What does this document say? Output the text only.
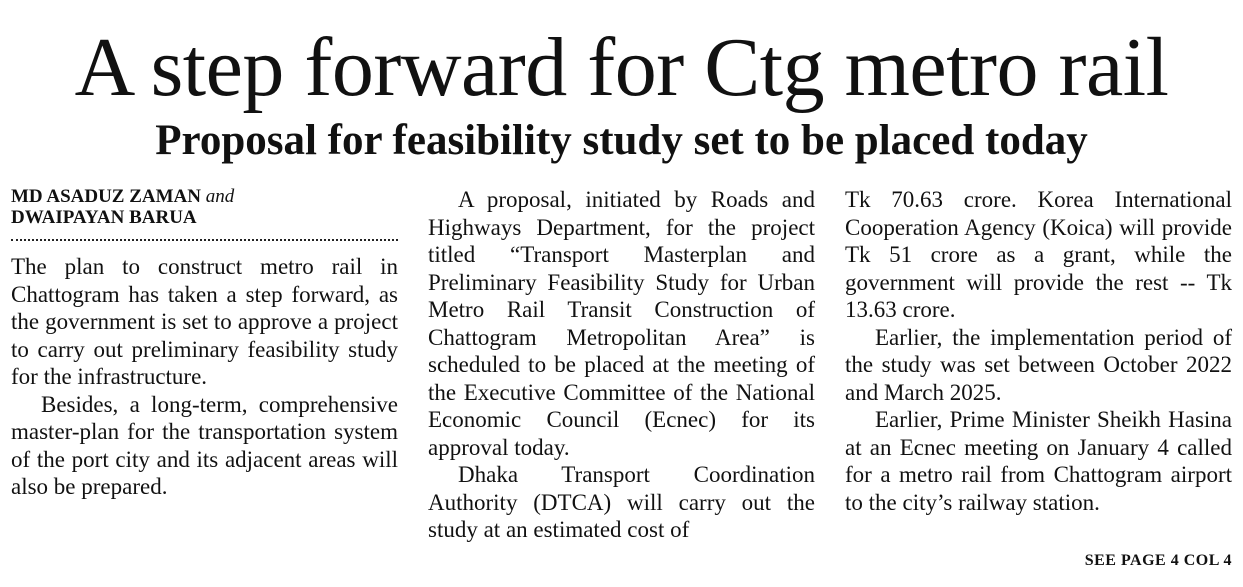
A step forward for Ctg metro rail
Proposal for feasibility study set to be placed today
MD ASADUZ ZAMAN and
DWAIPAYAN BARUA

The plan to construct metro rail in Chattogram has taken a step forward, as the government is set to approve a project to carry out preliminary feasibility study for the infrastructure.

Besides, a long-term, comprehensive master-plan for the transportation system of the port city and its adjacent areas will also be prepared.

A proposal, initiated by Roads and Highways Department, for the project titled “Transport Masterplan and Preliminary Feasibility Study for Urban Metro Rail Transit Construction of Chattogram Metropolitan Area” is scheduled to be placed at the meeting of the Executive Committee of the National Economic Council (Ecnec) for its approval today.

Dhaka Transport Coordination Authority (DTCA) will carry out the study at an estimated cost of

Tk 70.63 crore. Korea International Cooperation Agency (Koica) will provide Tk 51 crore as a grant, while the government will provide the rest -- Tk 13.63 crore.

Earlier, the implementation period of the study was set between October 2022 and March 2025.

Earlier, Prime Minister Sheikh Hasina at an Ecnec meeting on January 4 called for a metro rail from Chattogram airport to the city’s railway station.

SEE PAGE 4 COL 4
